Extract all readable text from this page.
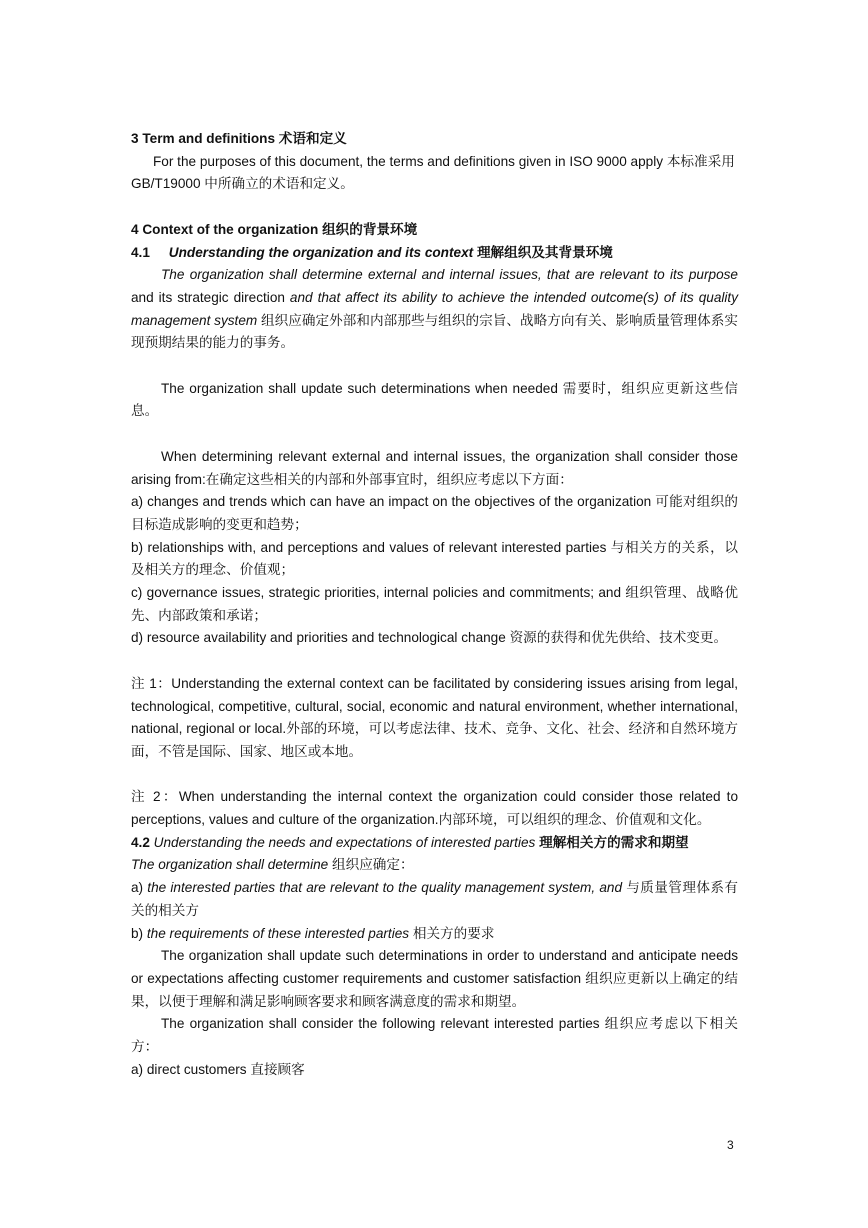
3 Term and definitions 术语和定义

For the purposes of this document, the terms and definitions given in ISO 9000 apply 本标准采用 GB/T19000 中所确立的术语和定义。

4 Context of the organization 组织的背景环境

4.1 Understanding the organization and its context 理解组织及其背景环境

The organization shall determine external and internal issues, that are relevant to its purpose and its strategic direction and that affect its ability to achieve the intended outcome(s) of its quality management system 组织应确定外部和内部那些与组织的宗旨、战略方向有关、影响质量管理体系实现预期结果的能力的事务。

The organization shall update such determinations when needed 需要时，组织应更新这些信息。

When determining relevant external and internal issues, the organization shall consider those arising from:在确定这些相关的内部和外部事宜时，组织应考虑以下方面：

a) changes and trends which can have an impact on the objectives of the organization 可能对组织的目标造成影响的变更和趋势；

b) relationships with, and perceptions and values of relevant interested parties 与相关方的关系，以及相关方的理念、价值观；

c) governance issues, strategic priorities, internal policies and commitments; and 组织管理、战略优先、内部政策和承诺；

d) resource availability and priorities and technological change 资源的获得和优先供给、技术变更。

注 1：Understanding the external context can be facilitated by considering issues arising from legal, technological, competitive, cultural, social, economic and natural environment, whether international, national, regional or local.外部的环境，可以考虑法律、技术、竞争、文化、社会、经济和自然环境方面，不管是国际、国家、地区或本地。

注 2：When understanding the internal context the organization could consider those related to perceptions, values and culture of the organization.内部环境，可以组织的理念、价值观和文化。

4.2 Understanding the needs and expectations of interested parties 理解相关方的需求和期望

The organization shall determine 组织应确定：

a) the interested parties that are relevant to the quality management system, and 与质量管理体系有关的相关方

b) the requirements of these interested parties 相关方的要求

The organization shall update such determinations in order to understand and anticipate needs or expectations affecting customer requirements and customer satisfaction 组织应更新以上确定的结果，以便于理解和满足影响顾客要求和顾客满意度的需求和期望。

The organization shall consider the following relevant interested parties 组织应考虑以下相关方：

a) direct customers 直接顾客

3
